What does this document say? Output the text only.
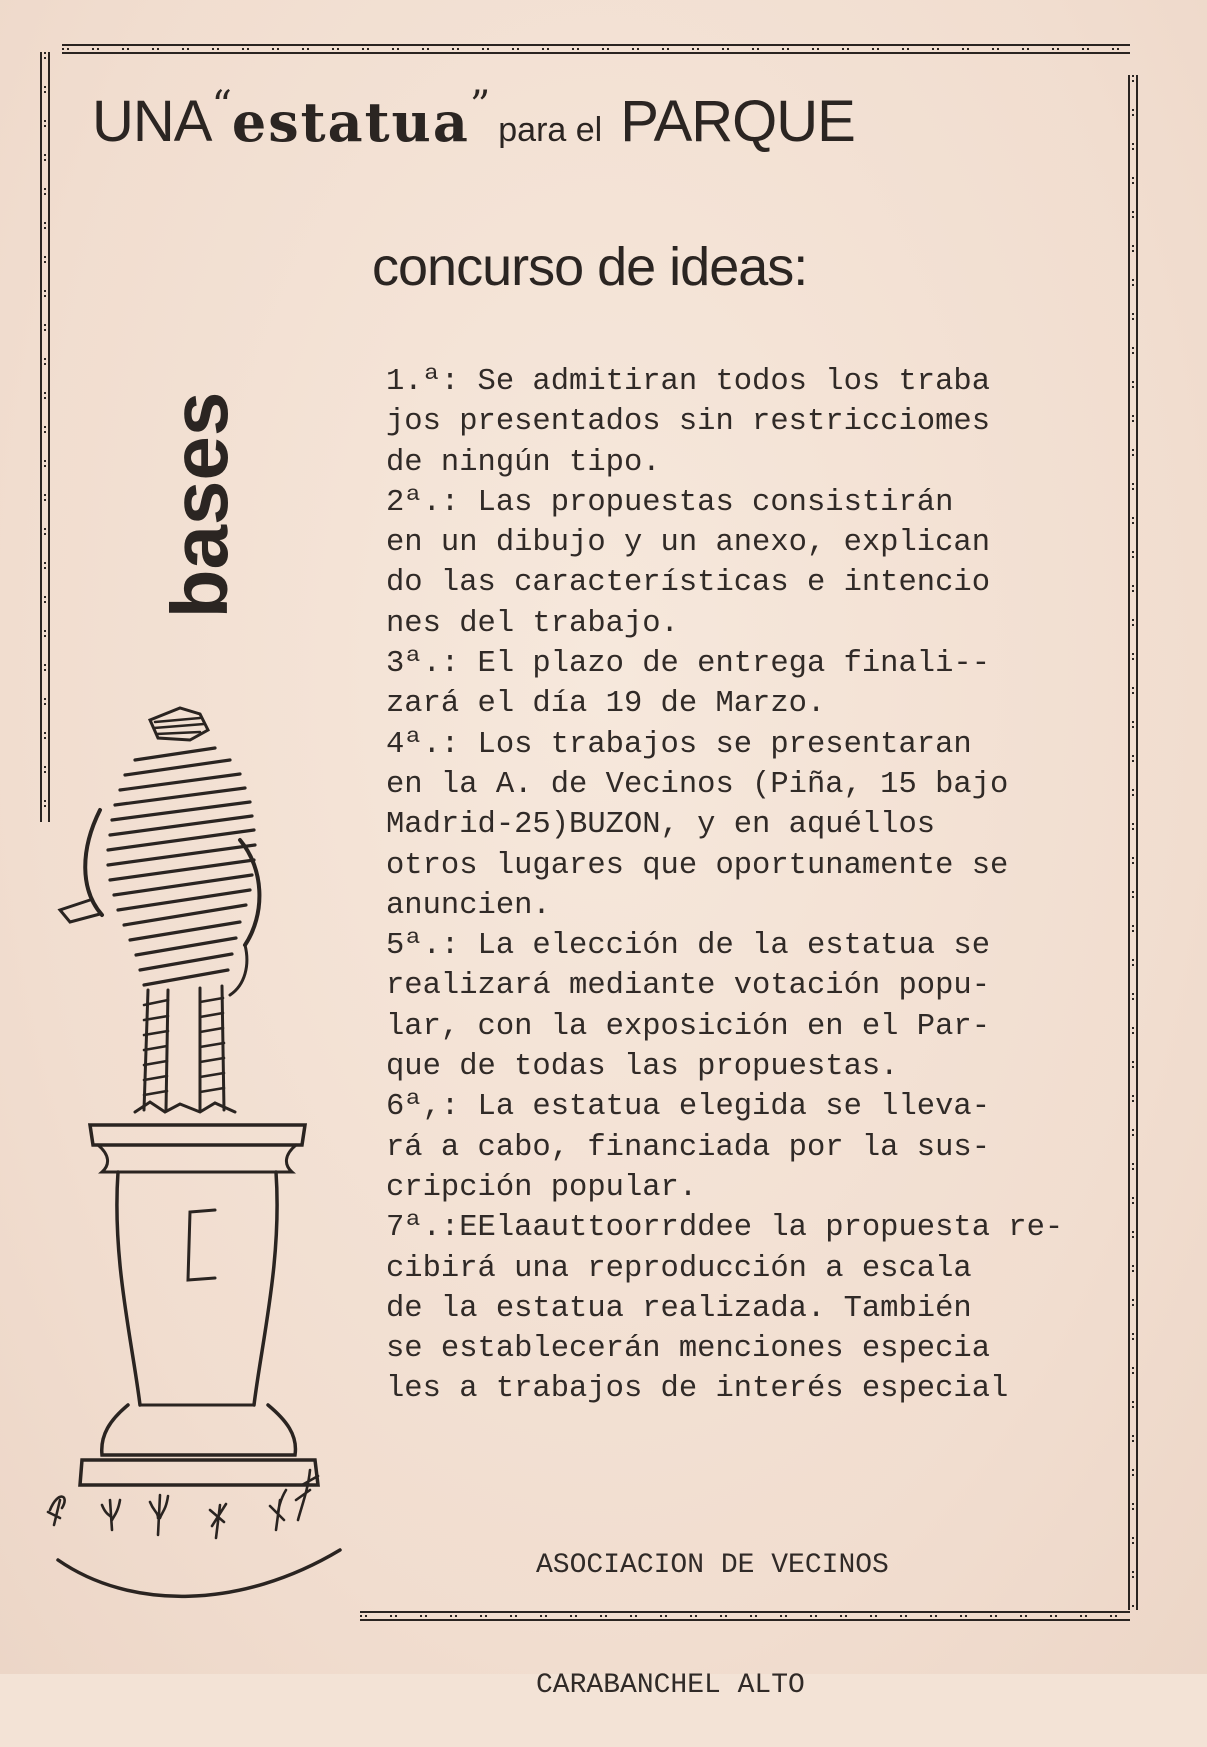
UNA “ estatua ”
para el PARQUE
concurso de ideas:
bases
1.ª: Se admitiran todos los traba
jos presentados sin restricciomes
de ningún tipo.
2ª.: Las propuestas consistirán
en un dibujo y un anexo, explican
do las características e intencio
nes del trabajo.
3ª.: El plazo de entrega finali--
zará el día 19 de Marzo.
4ª.: Los trabajos se presentaran
en la A. de Vecinos (Piña, 15 bajo
Madrid-25)BUZON, y en aquéllos
otros lugares que oportunamente se
anuncien.
5ª.: La elección de la estatua se
realizará mediante votación popu-
lar, con la exposición en el Par-
que de todas las propuestas.
6ª,: La estatua elegida se lleva-
rá a cabo, financiada por la sus-
cripción popular.
7ª.:EElaauttoorrddee la propuesta re-
cibirá una reproducción a escala
de la estatua realizada. También
se establecerán menciones especia
les a trabajos de interés especial

ASOCIACION DE VECINOS

CARABANCHEL ALTO
